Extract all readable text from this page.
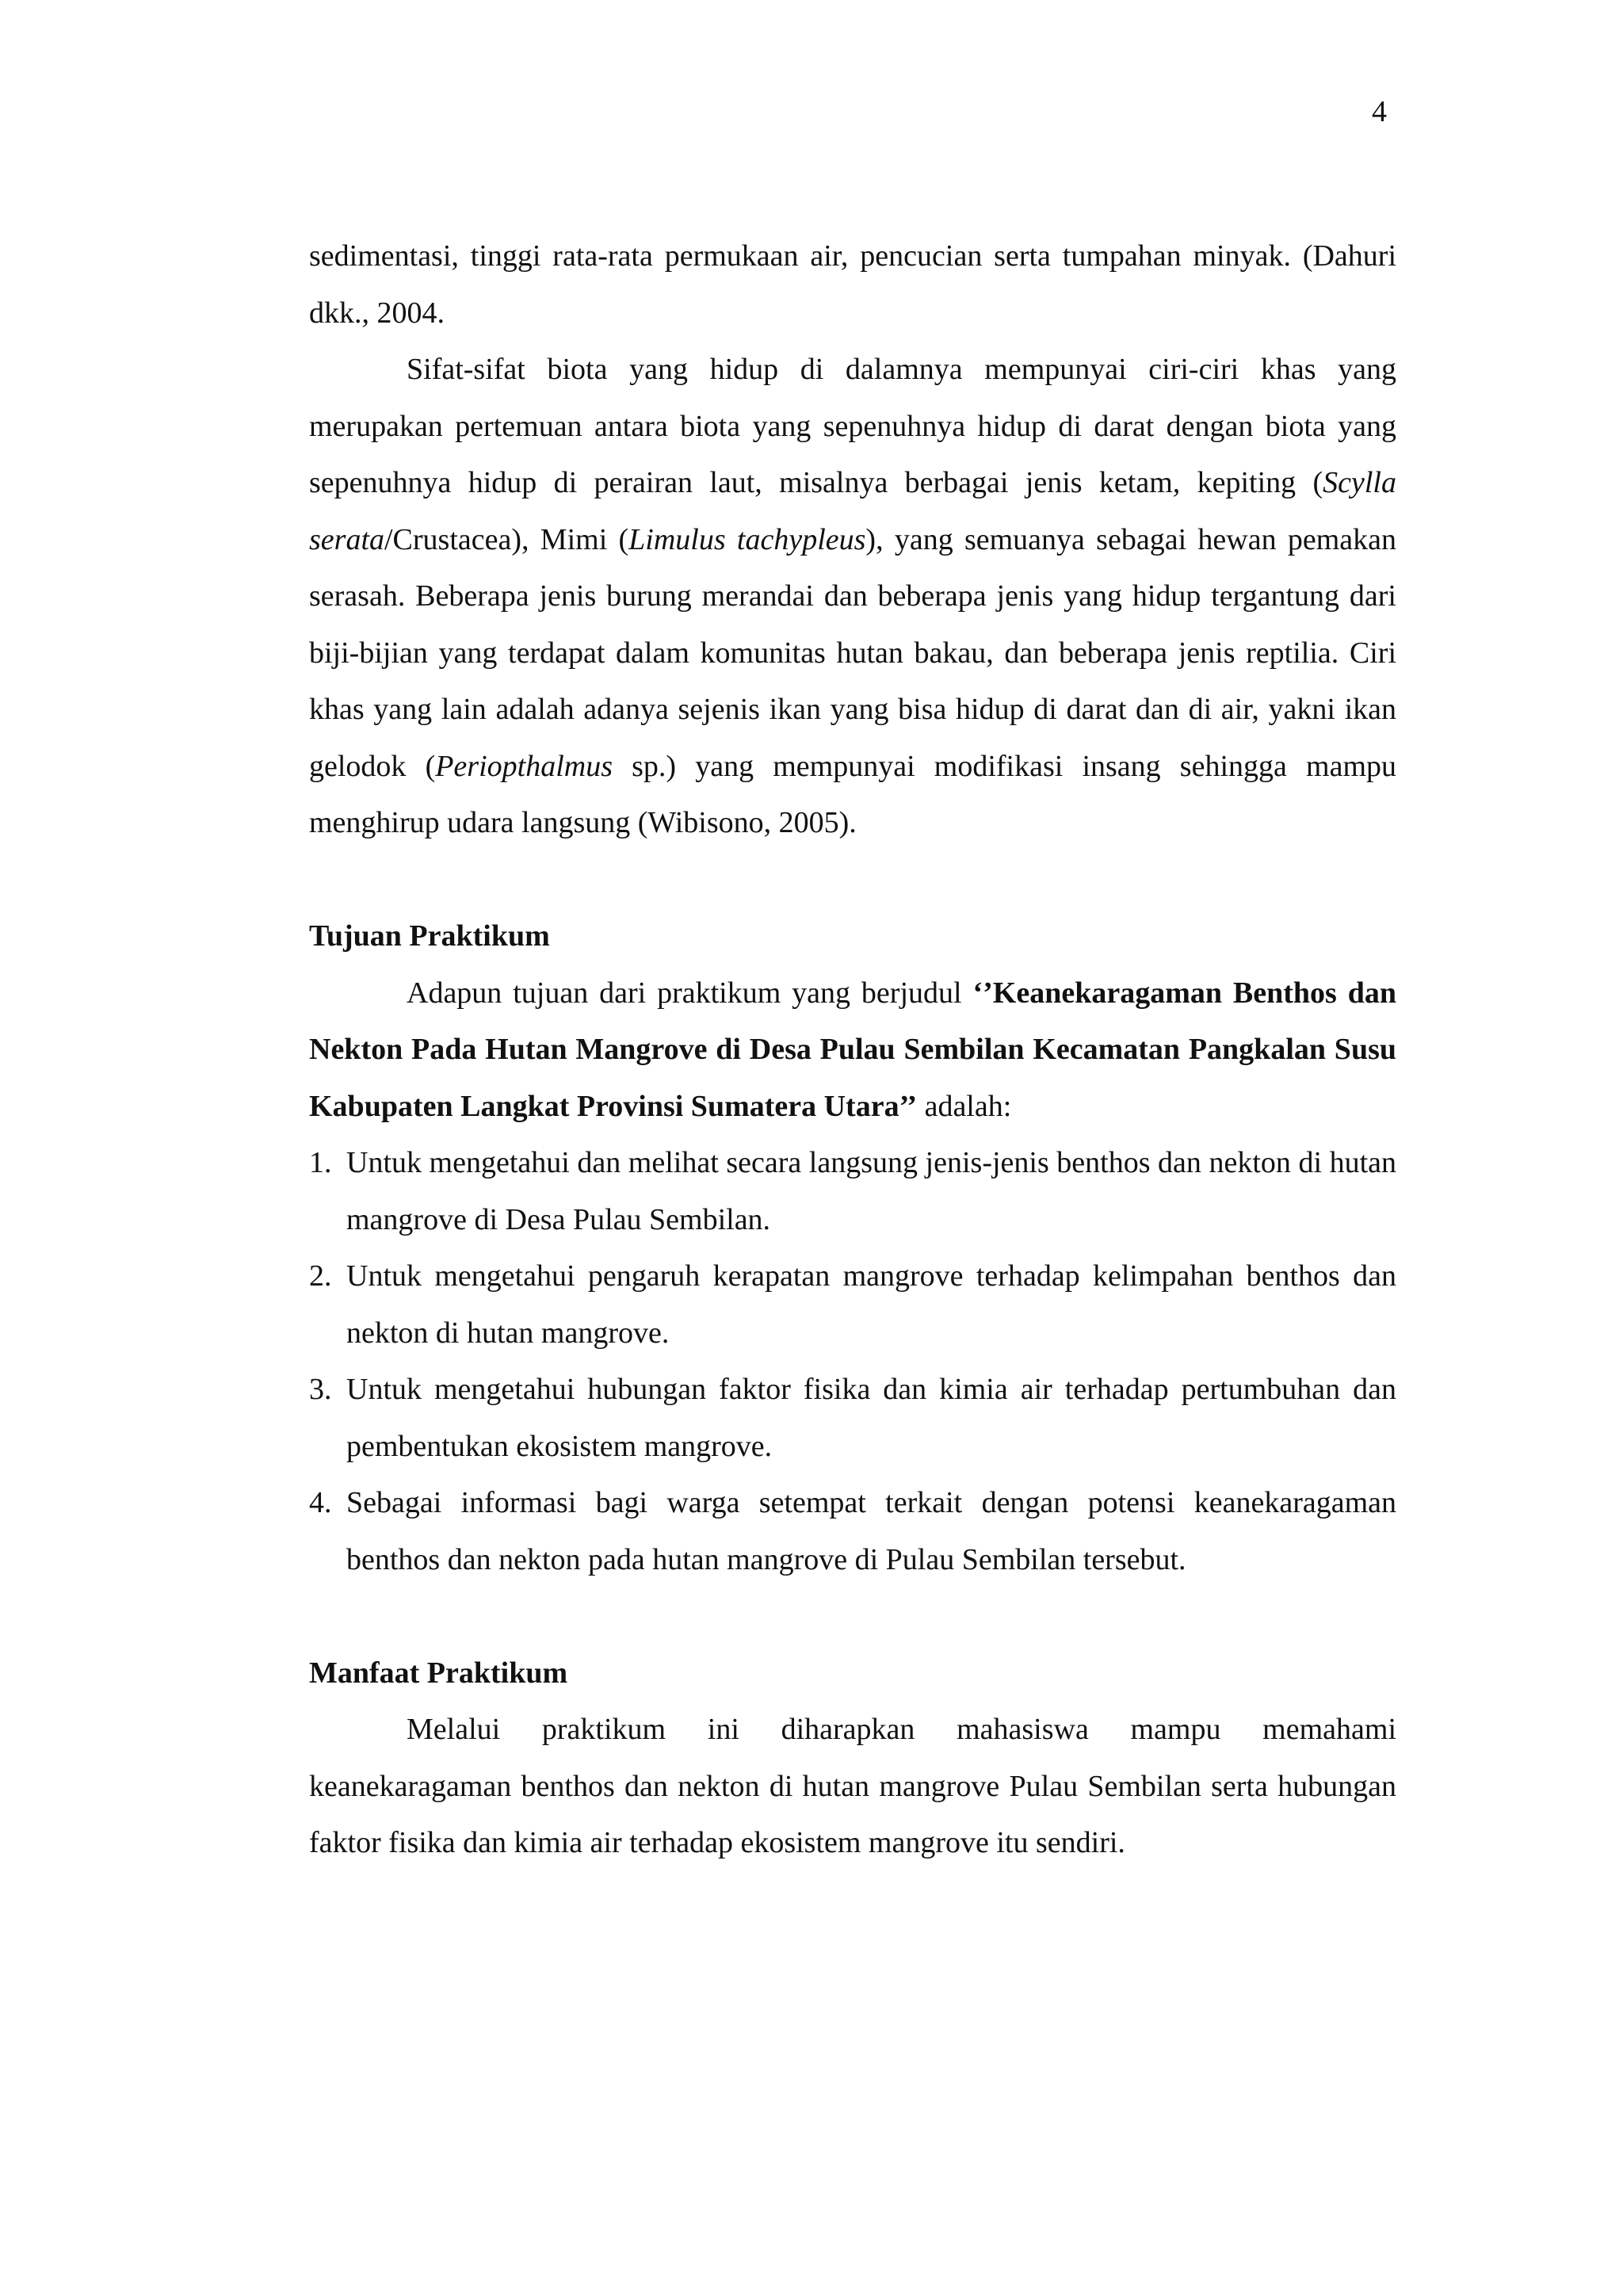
4

sedimentasi, tinggi rata-rata permukaan air, pencucian serta tumpahan minyak. (Dahuri dkk., 2004.

Sifat-sifat biota yang hidup di dalamnya mempunyai ciri-ciri khas yang merupakan pertemuan antara biota yang sepenuhnya hidup di darat dengan biota yang sepenuhnya hidup di perairan laut, misalnya berbagai jenis ketam, kepiting (Scylla serata/Crustacea), Mimi (Limulus tachypleus), yang semuanya sebagai hewan pemakan serasah. Beberapa jenis burung merandai dan beberapa jenis yang hidup tergantung dari biji-bijian yang terdapat dalam komunitas hutan bakau, dan beberapa jenis reptilia. Ciri khas yang lain adalah adanya sejenis ikan yang bisa hidup di darat dan di air, yakni ikan gelodok (Perioptha​lmus sp.) yang mempunyai modifikasi insang sehingga mampu menghirup udara langsung (Wibisono, 2005).

Tujuan Praktikum

Adapun tujuan dari praktikum yang berjudul ‘’Keanekaragaman Benthos dan Nekton Pada Hutan Mangrove di Desa Pulau Sembilan Kecamatan Pangkalan Susu Kabupaten Langkat Provinsi Sumatera Utara’’ adalah:

1. Untuk mengetahui dan melihat secara langsung jenis-jenis benthos dan nekton di hutan mangrove di Desa Pulau Sembilan.
2. Untuk mengetahui pengaruh kerapatan mangrove terhadap kelimpahan benthos dan nekton di hutan mangrove.
3. Untuk mengetahui hubungan faktor fisika dan kimia air terhadap pertumbuhan dan pembentukan ekosistem mangrove.
4. Sebagai informasi bagi warga setempat terkait dengan potensi keanekaragaman benthos dan nekton pada hutan mangrove di Pulau Sembilan tersebut.

Manfaat Praktikum

Melalui praktikum ini diharapkan mahasiswa mampu memahami keanekaragaman benthos dan nekton di hutan mangrove Pulau Sembilan serta hubungan faktor fisika dan kimia air terhadap ekosistem mangrove itu sendiri.
